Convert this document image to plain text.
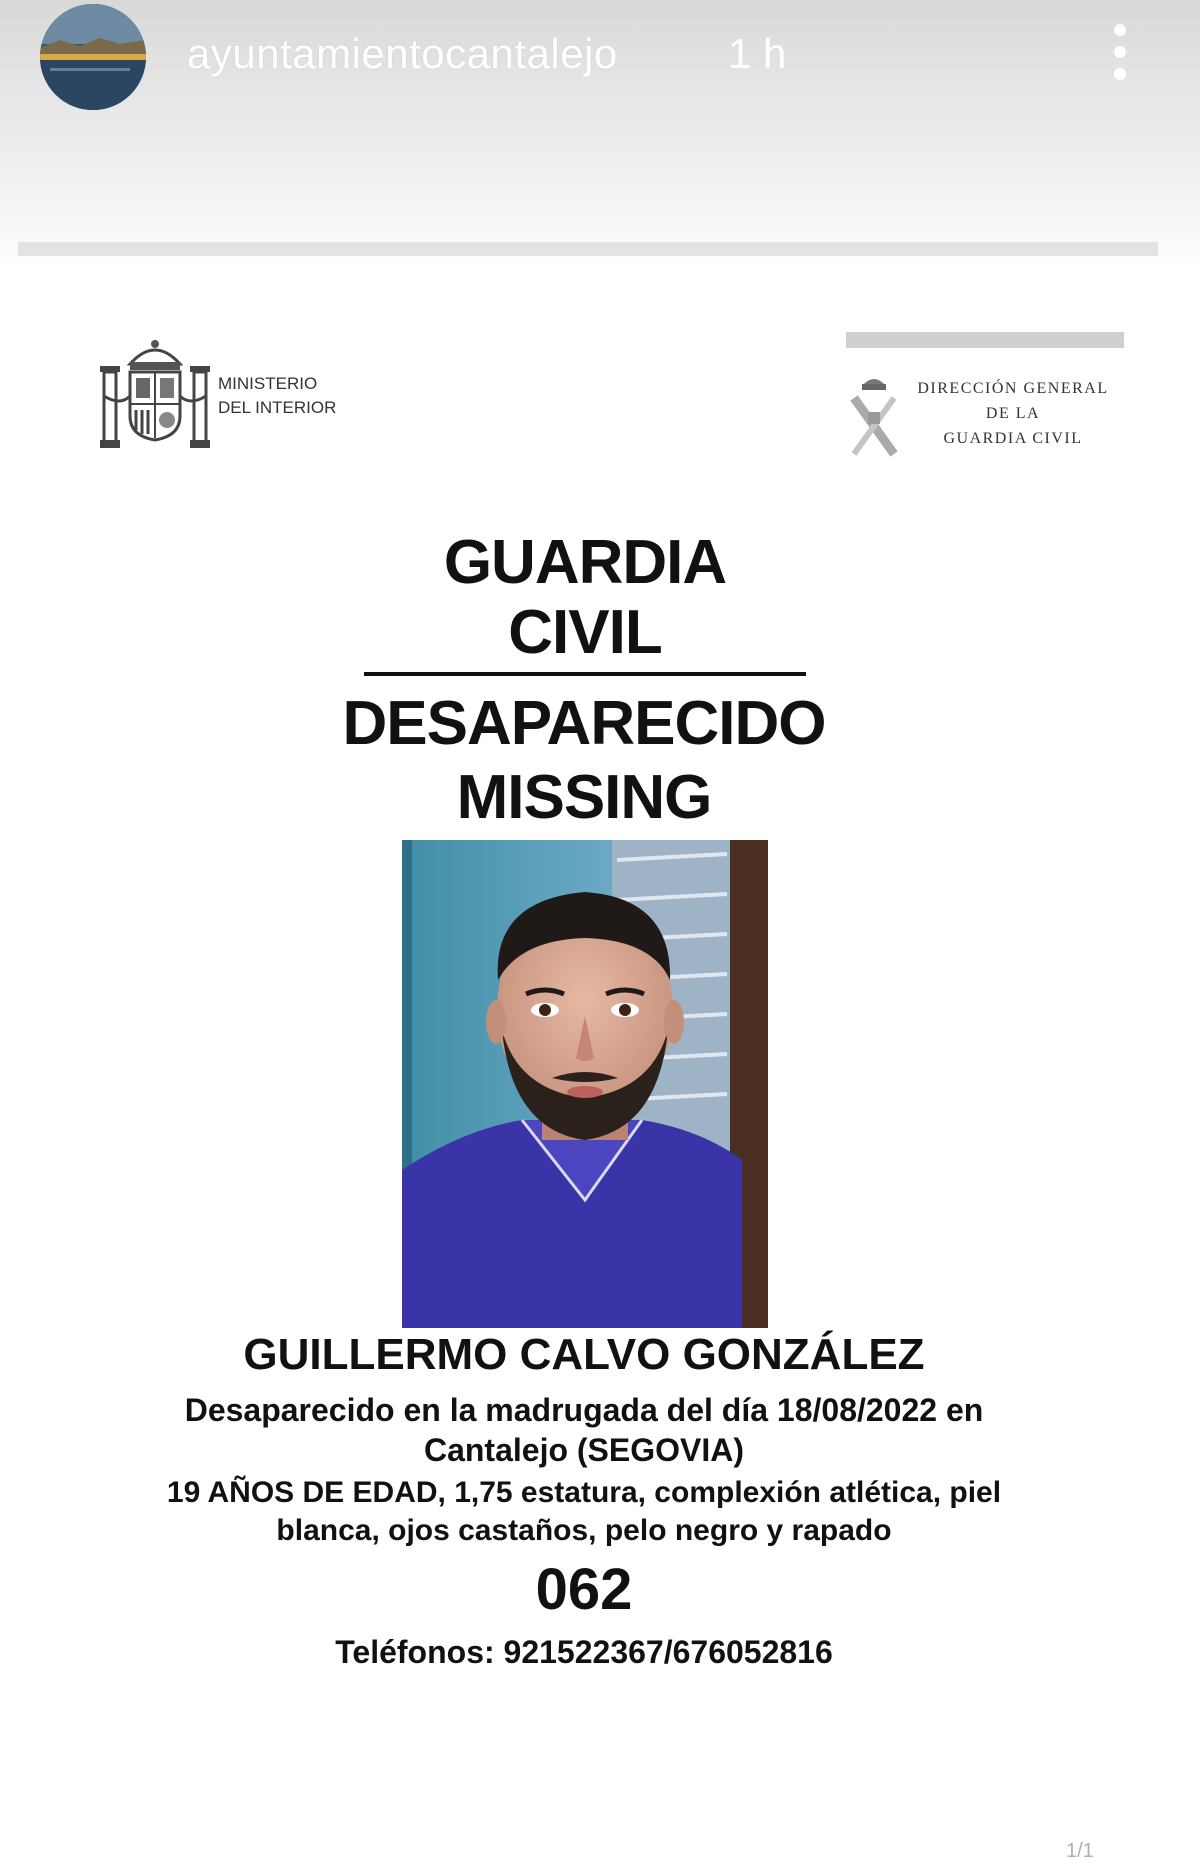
ayuntamientocantalejo	1 h
MINISTERIO
DEL INTERIOR
DIRECCIÓN GENERAL
DE LA
GUARDIA CIVIL
GUARDIA CIVIL
DESAPARECIDO
MISSING
GUILLERMO CALVO GONZÁLEZ
Desaparecido en la madrugada del día 18/08/2022 en
Cantalejo (SEGOVIA)
19 AÑOS DE EDAD, 1,75 estatura, complexión atlética, piel
blanca, ojos castaños, pelo negro y rapado
062
Teléfonos: 921522367/676052816
1/1
